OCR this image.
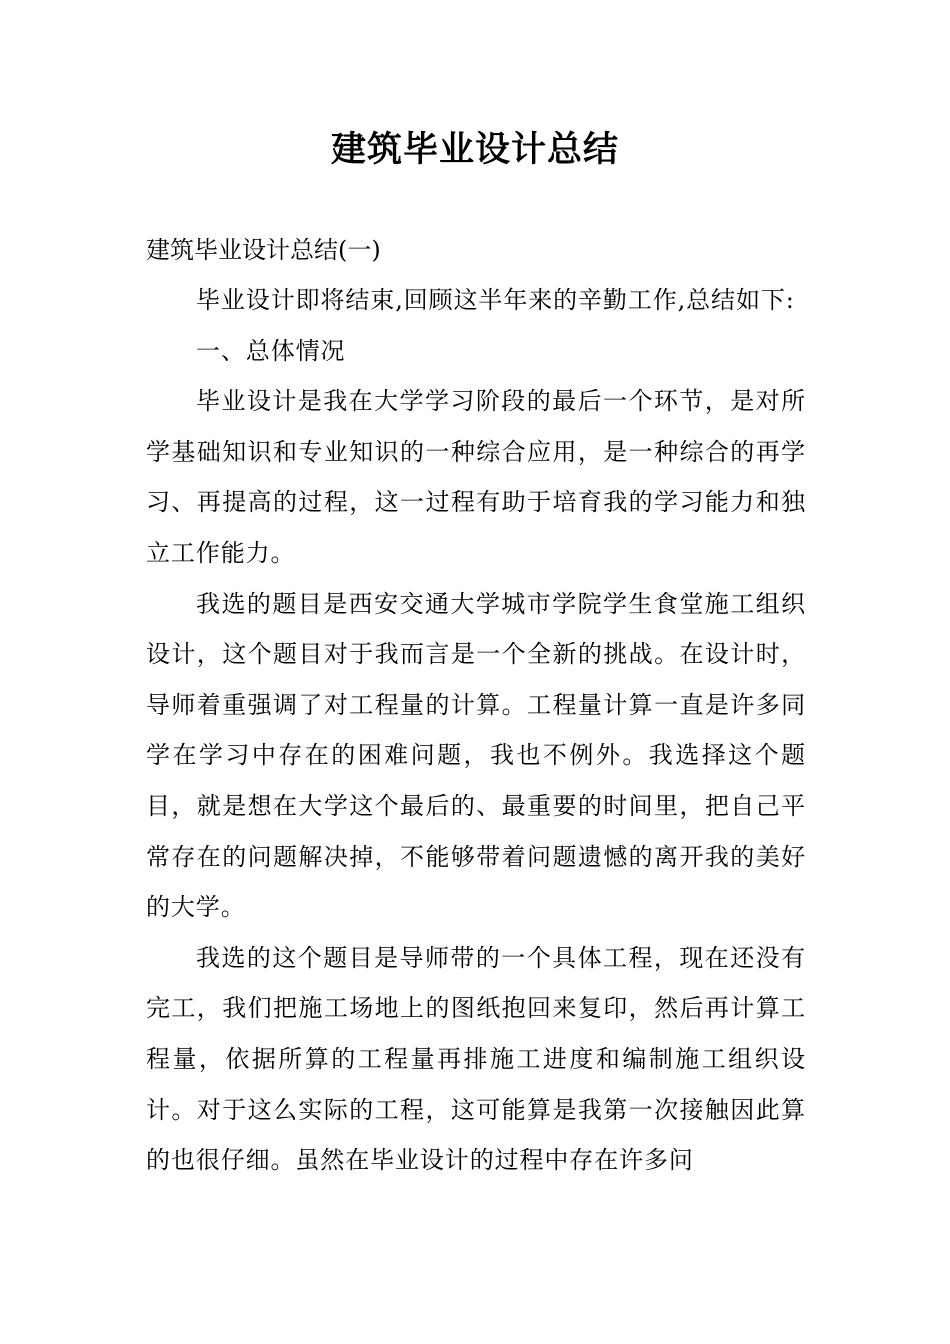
建筑毕业设计总结

建筑毕业设计总结(一)

毕业设计即将结束,回顾这半年来的辛勤工作,总结如下:

一、总体情况

毕业设计是我在大学学习阶段的最后一个环节，是对所学基础知识和专业知识的一种综合应用，是一种综合的再学习、再提高的过程，这一过程有助于培育我的学习能力和独立工作能力。

我选的题目是西安交通大学城市学院学生食堂施工组织设计，这个题目对于我而言是一个全新的挑战。在设计时，导师着重强调了对工程量的计算。工程量计算一直是许多同学在学习中存在的困难问题，我也不例外。我选择这个题目，就是想在大学这个最后的、最重要的时间里，把自己平常存在的问题解决掉，不能够带着问题遗憾的离开我的美好的大学。

我选的这个题目是导师带的一个具体工程，现在还没有完工，我们把施工场地上的图纸抱回来复印，然后再计算工程量，依据所算的工程量再排施工进度和编制施工组织设计。对于这么实际的工程，这可能算是我第一次接触因此算的也很仔细。虽然在毕业设计的过程中存在许多问
